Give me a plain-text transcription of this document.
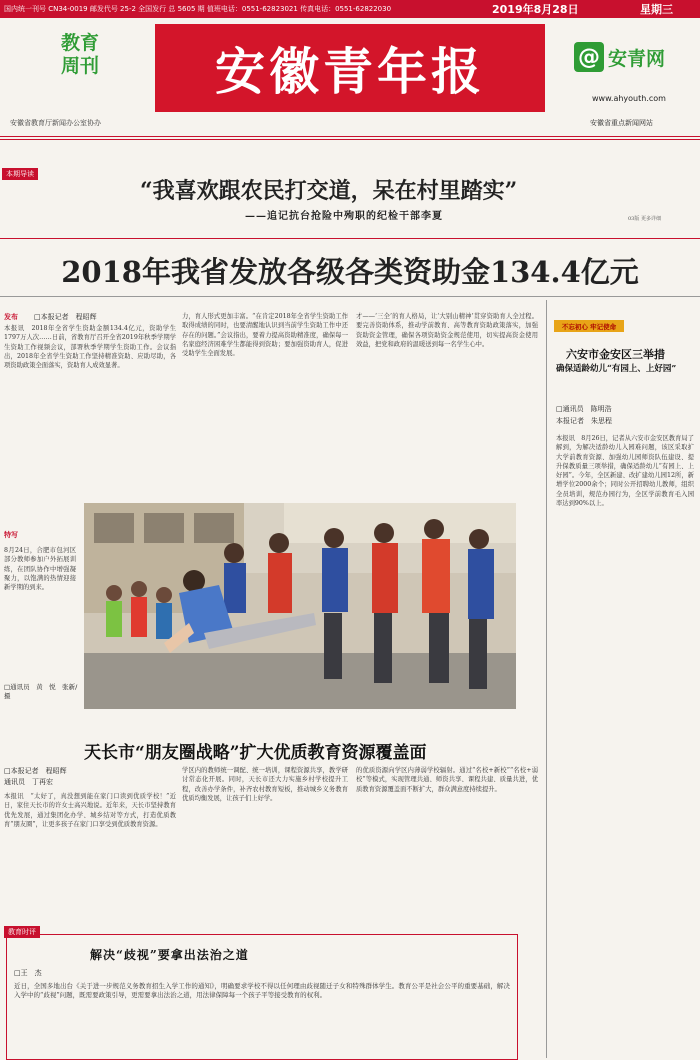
国内统一刊号 CN34-0019 邮发代号 25-2 全国发行 总 5605 期 值班电话：0551-62823021 传真电话：0551-62822030	2019年8月28日	星期三
教育
周刊
安徽省教育厅新闻办公室协办
安徽青年报	@ 安青网
www.ahyouth.com
安徽省重点新闻网站
本期导读
“我喜欢跟农民打交道，呆在村里踏实”
——追记抗台抢险中殉职的纪检干部李夏	03版 更多详细
2018年我省发放各级各类资助金134.4亿元
发布 □本报记者　程昭辉
本报讯　2018年全省学生资助金额134.4亿元，资助学生1797万人次……日前，省教育厅召开全省2019年秋季学期学生资助工作视频会议，部署秋季学期学生资助工作。会议指出，2018年全省学生资助工作坚持精准资助、应助尽助，各项资助政策全面落实，资助育人成效显著。
力，育人形式更加丰富。“在肯定2018年全省学生资助工作取得成绩的同时，也要清醒地认识到当前学生资助工作中还存在的问题。”会议指出，要着力提高资助精准度，确保每一名家庭经济困难学生都能得到资助；要加强资助育人，促进受助学生全面发展。
才——‘三全’的育人格局，让‘大别山精神’贯穿资助育人全过程。要完善资助体系，推动学前教育、高等教育资助政策落实，加强资助资金管理，确保各项资助资金规范使用，切实提高资金使用效益，把党和政府的温暖送到每一名学生心中。
特写
8月24日，合肥市包河区部分教师参加户外拓展训练，在团队协作中增强凝聚力，以饱满的热情迎接新学期的到来。
□通讯员　黄　悦　张新/摄
天长市“朋友圈战略”扩大优质教育资源覆盖面
□本报记者　程昭辉
通讯员　丁再宏
本报讯　“太好了，真没想到能在家门口读到优质学校！”近日，家住天长市的许女士高兴地说。近年来，天长市坚持教育优先发展，通过集团化办学、城乡结对等方式，打造优质教育“朋友圈”，让更多孩子在家门口享受到优质教育资源。
学区内的教师统一调配、统一培训，课程资源共享，教学研讨常态化开展。同时，天长市还大力实施乡村学校提升工程，改善办学条件，补齐农村教育短板，推动城乡义务教育优质均衡发展，让孩子们上好学。
的优质资源向学区内薄弱学校辐射。通过“名校+新校”“名校+弱校”等模式，实现管理共通、师资共享、课程共建、质量共进，优质教育资源覆盖面不断扩大，群众满意度持续提升。
不忘初心 牢记使命
六安市金安区三举措
确保适龄幼儿“有园上、上好园”
□通讯员　陈明浩
本报记者　朱思程
本报讯　8月26日，记者从六安市金安区教育局了解到，为解决适龄幼儿入园难问题，该区采取扩大学前教育资源、加强幼儿园师资队伍建设、提升保教质量三项举措，确保适龄幼儿“有园上、上好园”。今年，全区新建、改扩建幼儿园12所，新增学位2000余个；同时公开招聘幼儿教师，组织全员培训，规范办园行为，全区学前教育毛入园率达到90%以上。
教育时评
解决“歧视”要拿出法治之道
□王　杰
近日，全国多地出台《关于进一步规范义务教育招生入学工作的通知》，明确要求学校不得以任何理由歧视随迁子女和特殊群体学生。教育公平是社会公平的重要基础，解决入学中的“歧视”问题，既需要政策引导，更需要拿出法治之道，用法律保障每一个孩子平等接受教育的权利。
